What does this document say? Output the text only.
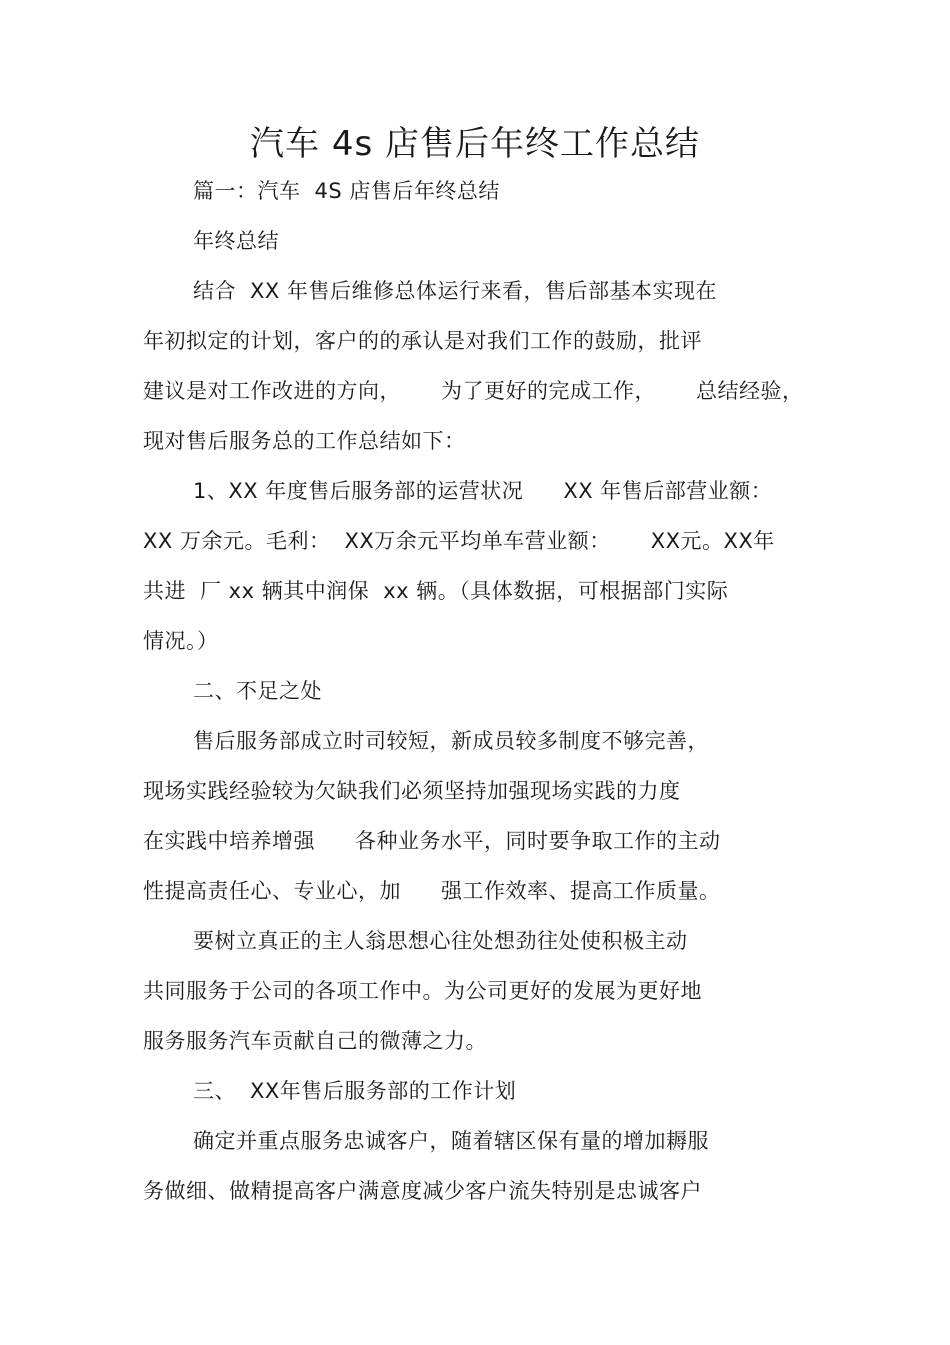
汽车 4s 店售后年终工作总结
篇一：汽车 4S 店售后年终总结
年终总结
结合 XX 年售后维修总体运行来看，售后部基本实现在
年初拟定的计划，客户的的承认是对我们工作的鼓励，批评
建议是对工作改进的方向， 为了更好的完成工作， 总结经验，
现对售后服务总的工作总结如下：
1、XX 年度售后服务部的运营状况 XX 年售后部营业额：
XX 万余元。毛利： XX万余元平均单车营业额： XX元。XX年
共进 厂 xx 辆其中润保 xx 辆。（具体数据，可根据部门实际
情况。）
二、不足之处
售后服务部成立时司较短，新成员较多制度不够完善，
现场实践经验较为欠缺我们必须坚持加强现场实践的力度
在实践中培养增强 各种业务水平，同时要争取工作的主动
性提高责任心、专业心，加 强工作效率、提高工作质量。
要树立真正的主人翁思想心往处想劲往处使积极主动
共同服务于公司的各项工作中。为公司更好的发展为更好地
服务服务汽车贡献自己的微薄之力。
三、 XX年售后服务部的工作计划
确定并重点服务忠诚客户，随着辖区保有量的增加耨服
务做细、做精提高客户满意度减少客户流失特别是忠诚客户
